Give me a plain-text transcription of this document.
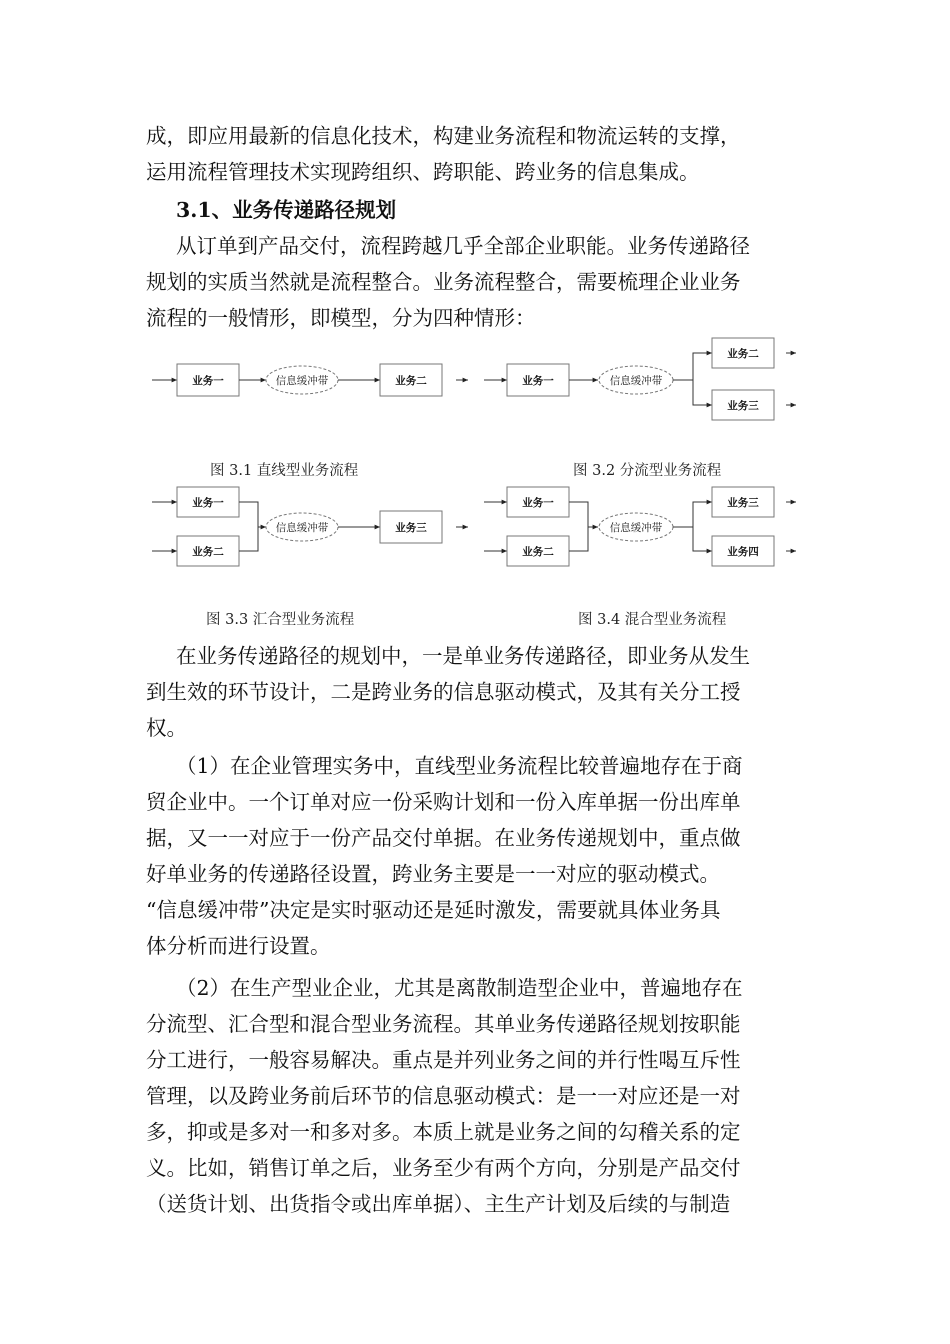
成，即应用最新的信息化技术，构建业务流程和物流运转的支撑，
运用流程管理技术实现跨组织、跨职能、跨业务的信息集成。
3.1、业务传递路径规划
从订单到产品交付，流程跨越几乎全部企业职能。业务传递路径
规划的实质当然就是流程整合。业务流程整合，需要梳理企业业务
流程的一般情形，即模型，分为四种情形：
业务一	信息缓冲带	业务二	业务一	信息缓冲带
业务二
业务三
业务一
业务二
信息缓冲带	业务三
业务一
业务二
信息缓冲带
业务三
业务四
图 3.1 直线型业务流程	图 3.2 分流型业务流程
图 3.3 汇合型业务流程	图 3.4 混合型业务流程
在业务传递路径的规划中，一是单业务传递路径，即业务从发生
到生效的环节设计，二是跨业务的信息驱动模式，及其有关分工授
权。
（1）在企业管理实务中，直线型业务流程比较普遍地存在于商
贸企业中。一个订单对应一份采购计划和一份入库单据一份出库单
据，又一一对应于一份产品交付单据。在业务传递规划中，重点做
好单业务的传递路径设置，跨业务主要是一一对应的驱动模式。
“信息缓冲带”决定是实时驱动还是延时激发，需要就具体业务具
体分析而进行设置。
（2）在生产型业企业，尤其是离散制造型企业中，普遍地存在
分流型、汇合型和混合型业务流程。其单业务传递路径规划按职能
分工进行，一般容易解决。重点是并列业务之间的并行性喝互斥性
管理，以及跨业务前后环节的信息驱动模式：是一一对应还是一对
多，抑或是多对一和多对多。本质上就是业务之间的勾稽关系的定
义。比如，销售订单之后，业务至少有两个方向，分别是产品交付
（送货计划、出货指令或出库单据）、主生产计划及后续的与制造
